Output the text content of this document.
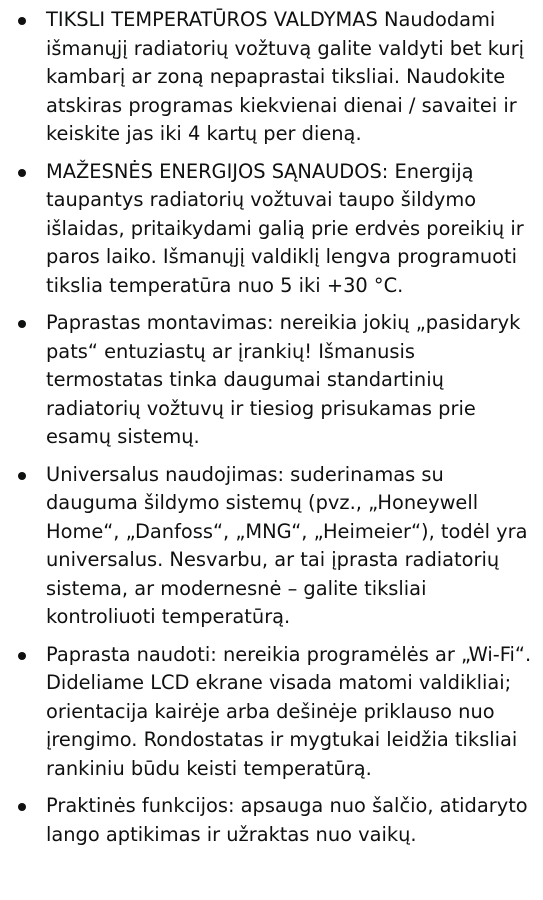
TIKSLI TEMPERATŪROS VALDYMAS Naudodami išmanųjį radiatorių vožtuvą galite valdyti bet kurį kambarį ar zoną nepaprastai tiksliai. Naudokite atskiras programas kiekvienai dienai / savaitei ir keiskite jas iki 4 kartų per dieną.
MAŽESNĖS ENERGIJOS SĄNAUDOS: Energiją taupantys radiatorių vožtuvai taupo šildymo išlaidas, pritaikydami galią prie erdvės poreikių ir paros laiko. Išmanųjį valdiklį lengva programuoti tikslia temperatūra nuo 5 iki +30 °C.
Paprastas montavimas: nereikia jokių „pasidaryk pats“ entuziastų ar įrankių! Išmanusis termostatas tinka daugumai standartinių radiatorių vožtuvų ir tiesiog prisukamas prie esamų sistemų.
Universalus naudojimas: suderinamas su dauguma šildymo sistemų (pvz., „Honeywell Home“, „Danfoss“, „MNG“, „Heimeier“), todėl yra universalus. Nesvarbu, ar tai įprasta radiatorių sistema, ar modernesnė – galite tiksliai kontroliuoti temperatūrą.
Paprasta naudoti: nereikia programėlės ar „Wi-Fi“. Dideliame LCD ekrane visada matomi valdikliai; orientacija kairėje arba dešinėje priklauso nuo įrengimo. Rondostatas ir mygtukai leidžia tiksliai rankiniu būdu keisti temperatūrą.
Praktinės funkcijos: apsauga nuo šalčio, atidaryto lango aptikimas ir užraktas nuo vaikų.
